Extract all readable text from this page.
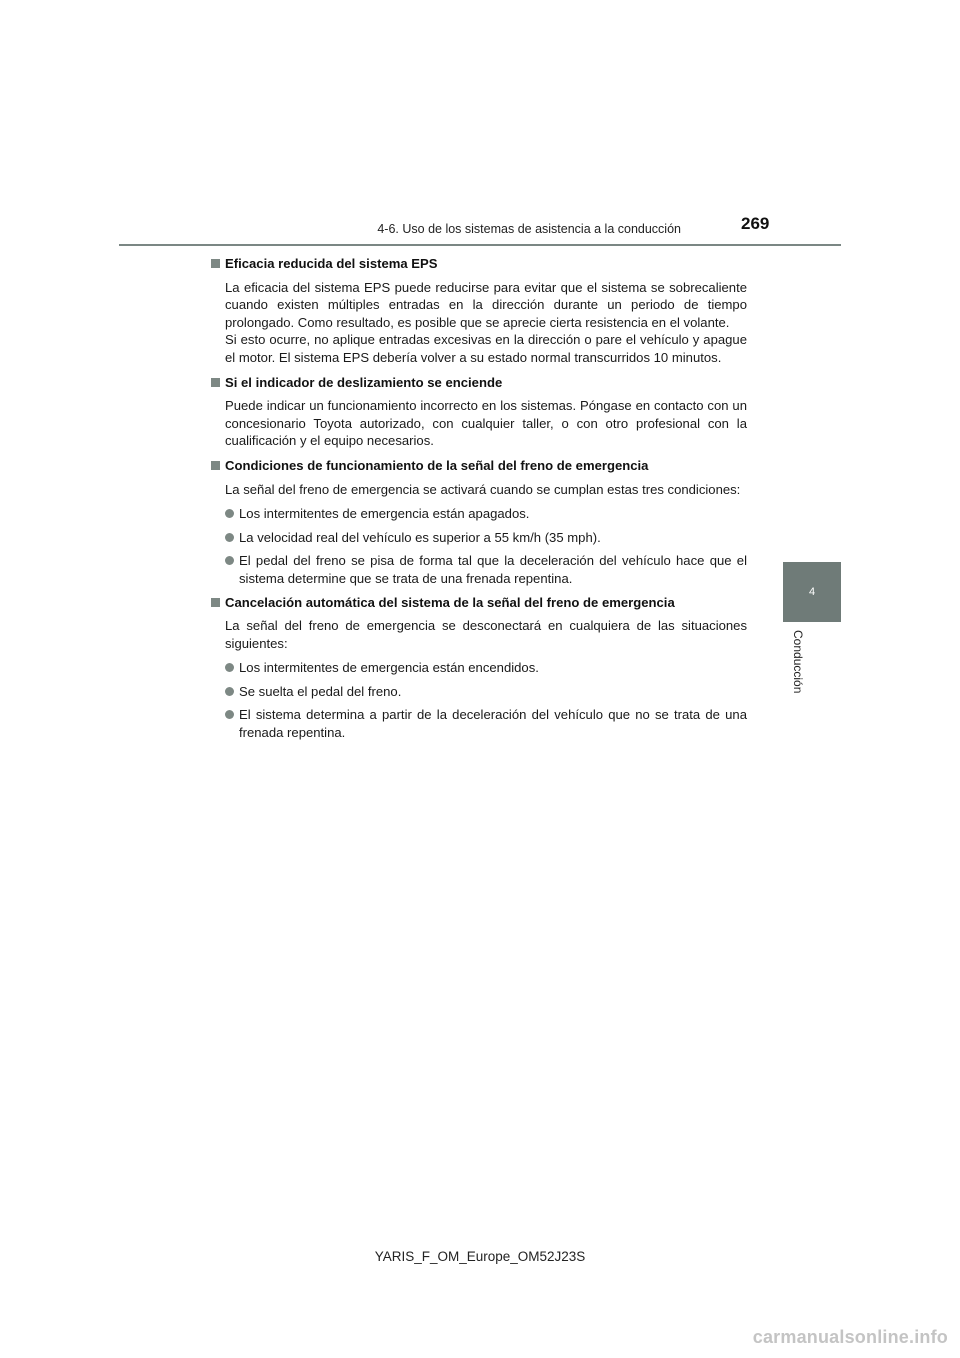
4-6. Uso de los sistemas de asistencia a la conducción	269
4
Conducción
Eficacia reducida del sistema EPS

La eficacia del sistema EPS puede reducirse para evitar que el sistema se sobrecaliente cuando existen múltiples entradas en la dirección durante un periodo de tiempo prolongado. Como resultado, es posible que se aprecie cierta resistencia en el volante.
Si esto ocurre, no aplique entradas excesivas en la dirección o pare el vehículo y apague el motor. El sistema EPS debería volver a su estado normal transcurridos 10 minutos.

Si el indicador de deslizamiento se enciende

Puede indicar un funcionamiento incorrecto en los sistemas. Póngase en contacto con un concesionario Toyota autorizado, con cualquier taller, o con otro profesional con la cualificación y el equipo necesarios.

Condiciones de funcionamiento de la señal del freno de emergencia

La señal del freno de emergencia se activará cuando se cumplan estas tres condiciones:

Los intermitentes de emergencia están apagados.
La velocidad real del vehículo es superior a 55 km/h (35 mph).
El pedal del freno se pisa de forma tal que la deceleración del vehículo hace que el sistema determine que se trata de una frenada repentina.
Cancelación automática del sistema de la señal del freno de emergencia

La señal del freno de emergencia se desconectará en cualquiera de las situaciones siguientes:

Los intermitentes de emergencia están encendidos.
Se suelta el pedal del freno.
El sistema determina a partir de la deceleración del vehículo que no se trata de una frenada repentina.
YARIS_F_OM_Europe_OM52J23S
carmanualsonline.info
